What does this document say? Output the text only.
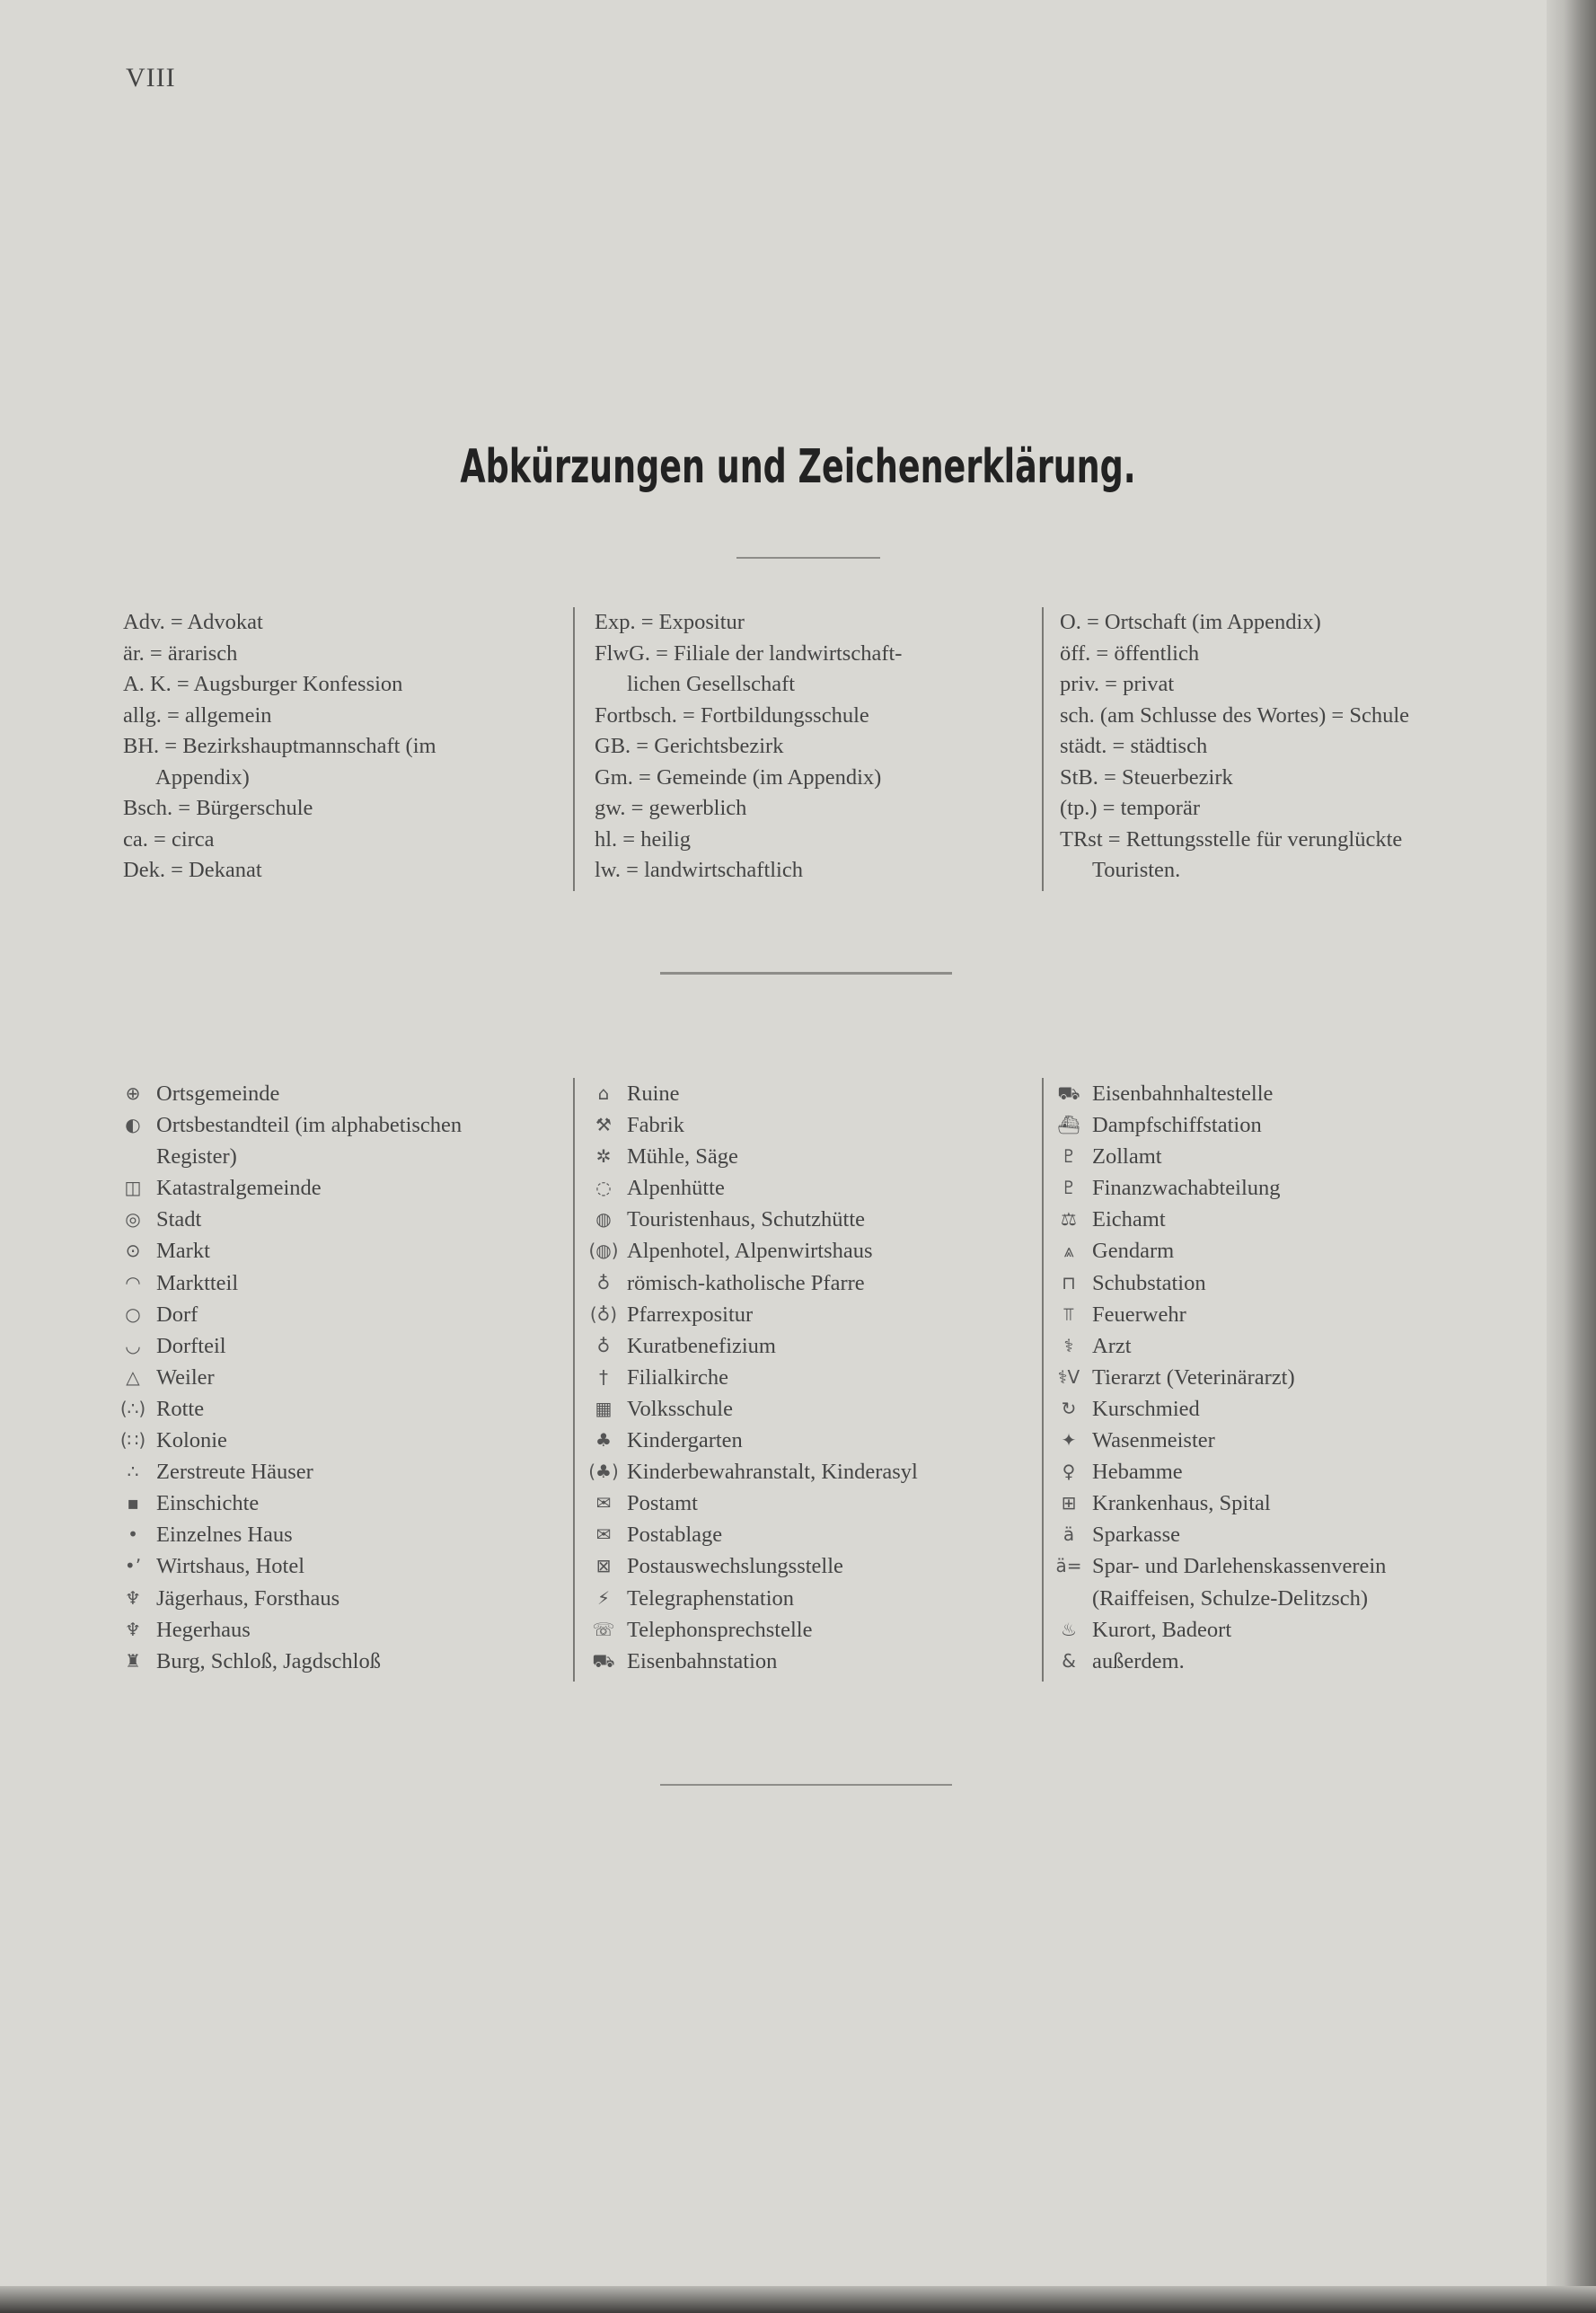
VIII
Abkürzungen und Zeichenerklärung.
Adv. = Advokat
är. = ärarisch
A. K. = Augsburger Konfession
allg. = allgemein
BH. = Bezirkshauptmannschaft (im
Appendix)
Bsch. = Bürgerschule
ca. = circa
Dek. = Dekanat
Exp. = Expositur
FlwG. = Filiale der landwirtschaft-
lichen Gesellschaft
Fortbsch. = Fortbildungsschule
GB. = Gerichtsbezirk
Gm. = Gemeinde (im Appendix)
gw. = gewerblich
hl. = heilig
lw. = landwirtschaftlich
O. = Ortschaft (im Appendix)
öff. = öffentlich
priv. = privat
sch. (am Schlusse des Wortes) = Schule
städt. = städtisch
StB. = Steuerbezirk
(tp.) = temporär
TRst = Rettungsstelle für verunglückte
Touristen.
⊕ Ortsgemeinde
◐ Ortsbestandteil (im alphabetischen
Register)
◫ Katastralgemeinde
◎ Stadt
⊙ Markt
◠ Marktteil
○ Dorf
◡ Dorfteil
△ Weiler
(∴) Rotte
(∷) Kolonie
∴ Zerstreute Häuser
▪ Einschichte
• Einzelnes Haus
•ʼ Wirtshaus, Hotel
♆ Jägerhaus, Forsthaus
♆ Hegerhaus
♜ Burg, Schloß, Jagdschloß
⌂ Ruine
⚒ Fabrik
✲ Mühle, Säge
◌ Alpenhütte
◍ Touristenhaus, Schutzhütte
(◍) Alpenhotel, Alpenwirtshaus
♁ römisch-katholische Pfarre
(♁) Pfarrexpositur
♁ Kuratbenefizium
† Filialkirche
▦ Volksschule
♣ Kindergarten
(♣) Kinderbewahranstalt, Kinderasyl
✉ Postamt
✉ Postablage
⊠ Postauswechslungsstelle
⚡ Telegraphenstation
☏ Telephonsprechstelle
⛟ Eisenbahnstation
⛟ Eisenbahnhaltestelle
⛴ Dampfschiffstation
♇ Zollamt
♇ Finanzwachabteilung
⚖ Eichamt
⩓ Gendarm
⊓ Schubstation
⫪ Feuerwehr
⚕ Arzt
⚕V Tierarzt (Veterinärarzt)
↻ Kurschmied
✦ Wasenmeister
♀ Hebamme
⊞ Krankenhaus, Spital
ä Sparkasse
ä= Spar- und Darlehenskassenverein
(Raiffeisen, Schulze-Delitzsch)
♨ Kurort, Badeort
& außerdem.
